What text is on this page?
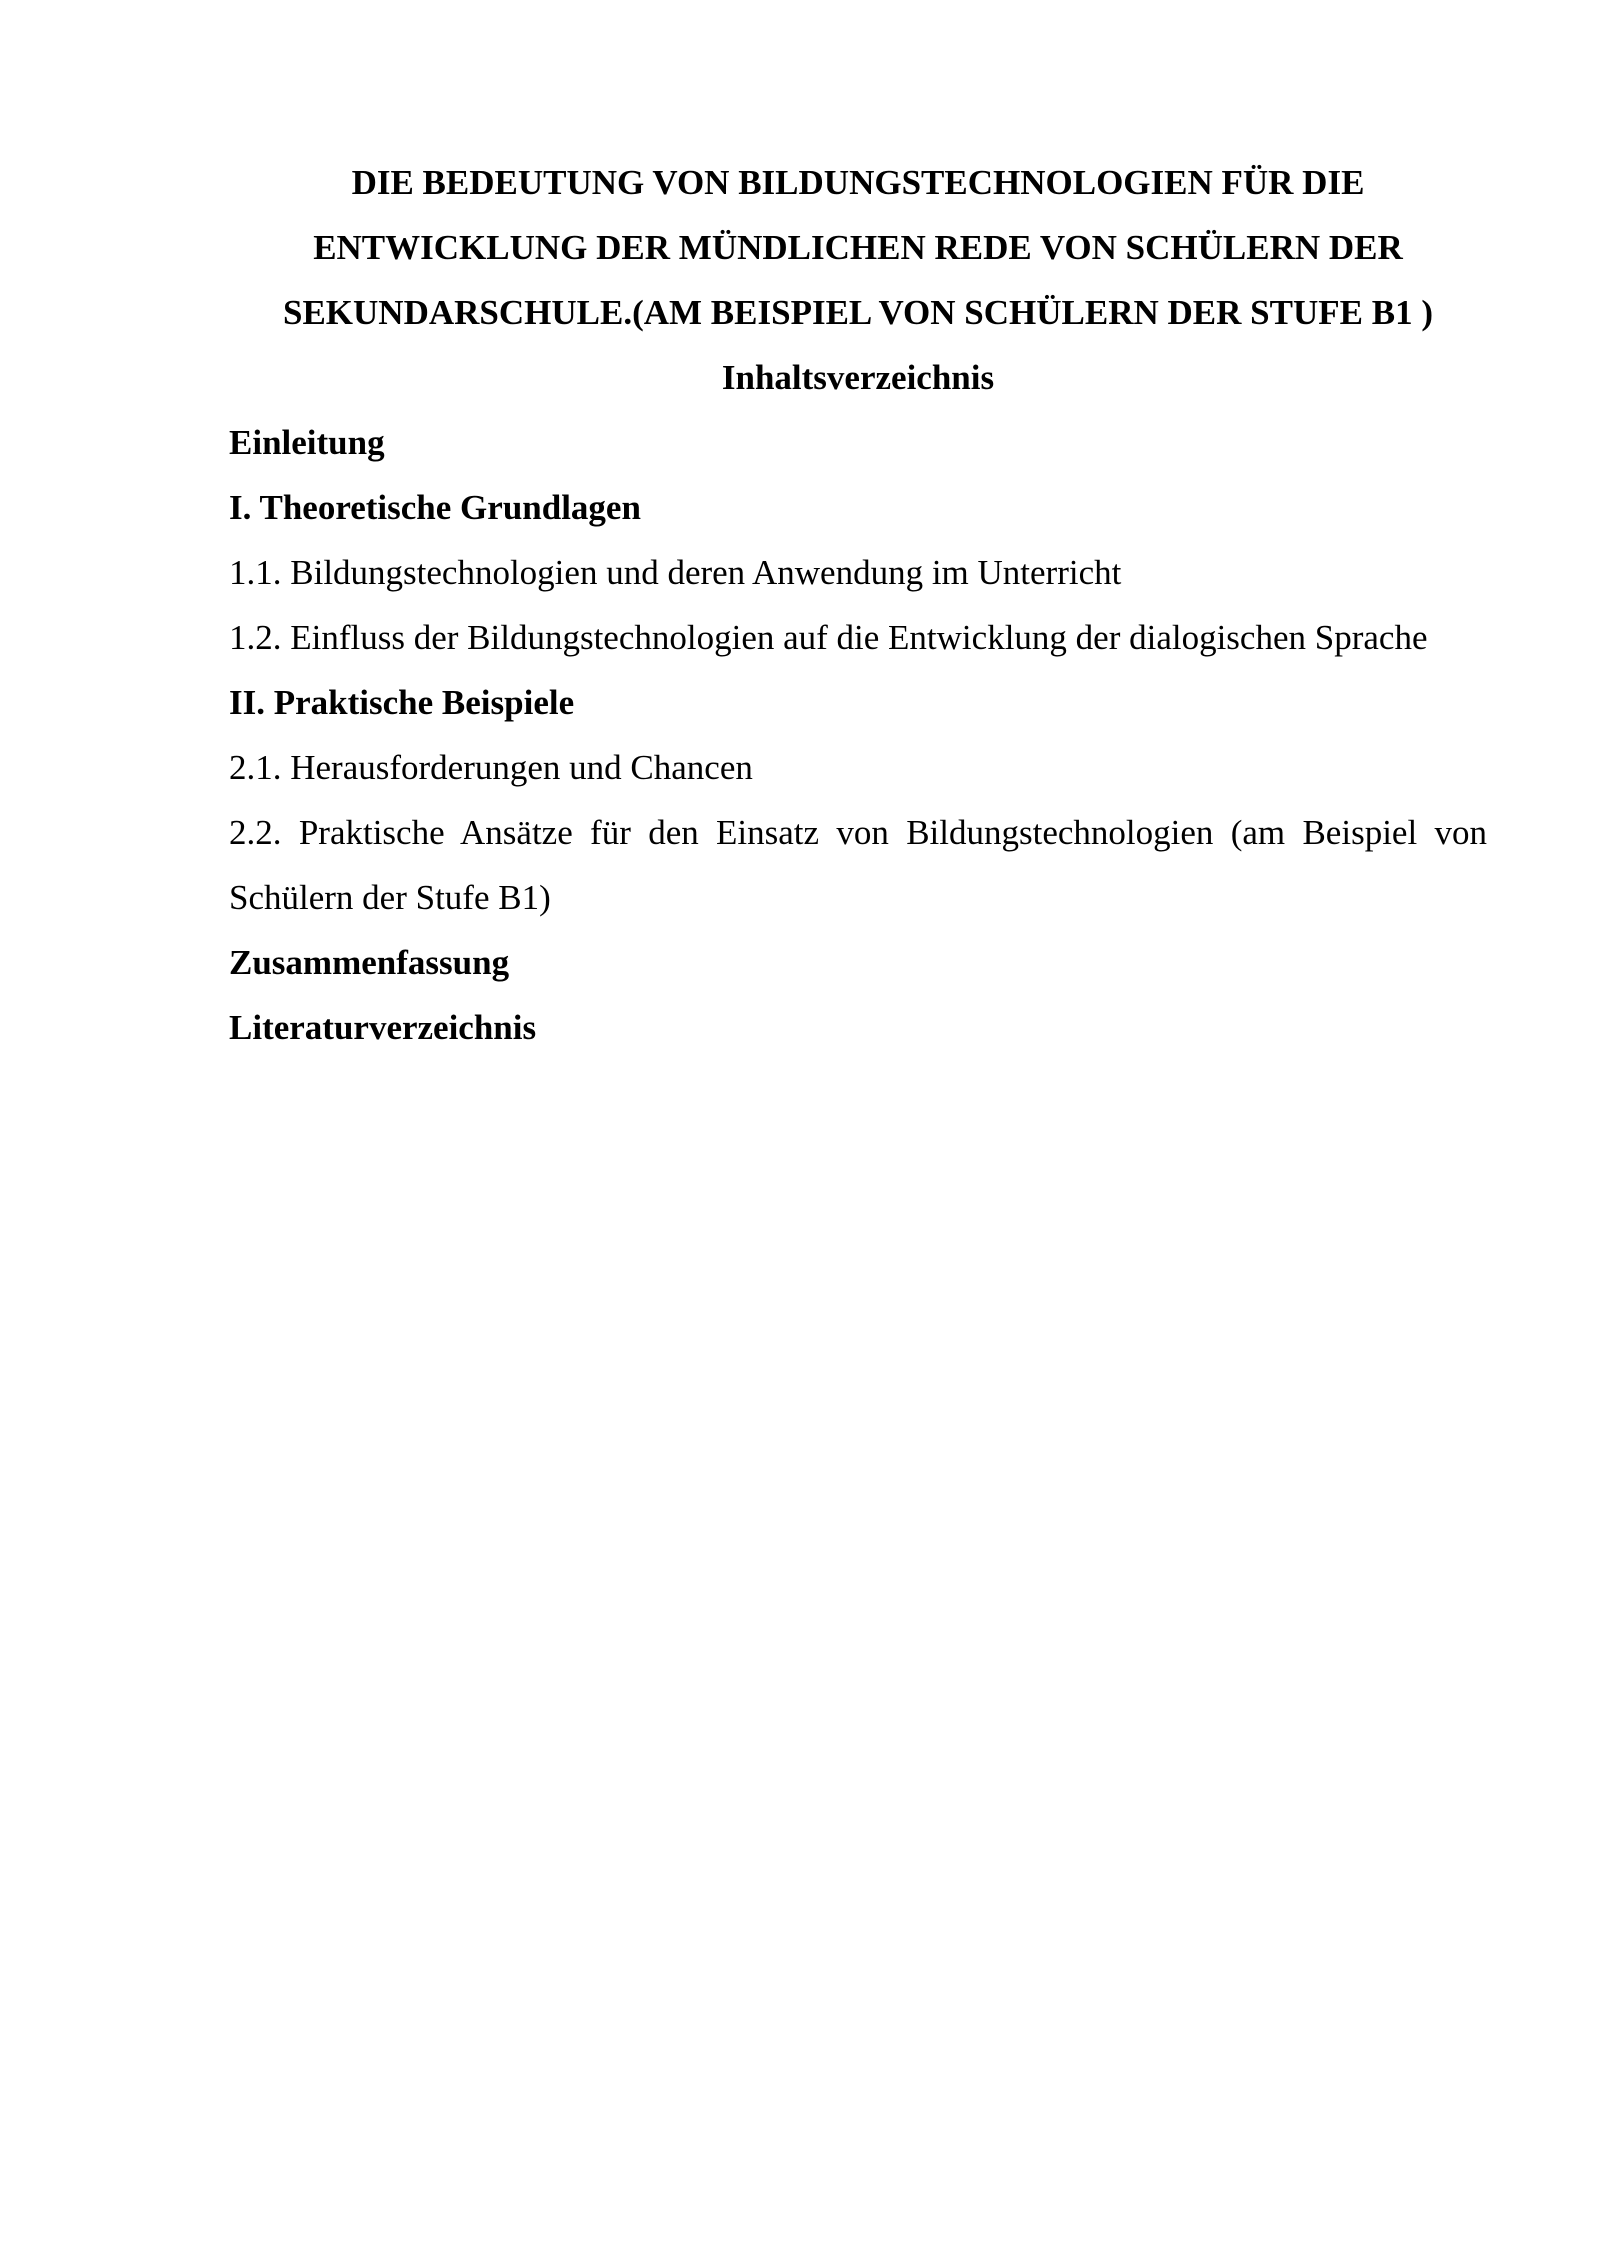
DIE BEDEUTUNG VON BILDUNGSTECHNOLOGIEN FÜR DIE
ENTWICKLUNG DER MÜNDLICHEN REDE VON SCHÜLERN DER
SEKUNDARSCHULE.(AM BEISPIEL VON SCHÜLERN DER STUFE B1 )
Inhaltsverzeichnis
Einleitung
I. Theoretische Grundlagen
1.1. Bildungstechnologien und deren Anwendung im Unterricht
1.2. Einfluss der Bildungstechnologien auf die Entwicklung der dialogischen Sprache
II. Praktische Beispiele
2.1. Herausforderungen und Chancen
2.2. Praktische Ansätze für den Einsatz von Bildungstechnologien (am Beispiel von Schülern der Stufe B1)
Zusammenfassung
Literaturverzeichnis
